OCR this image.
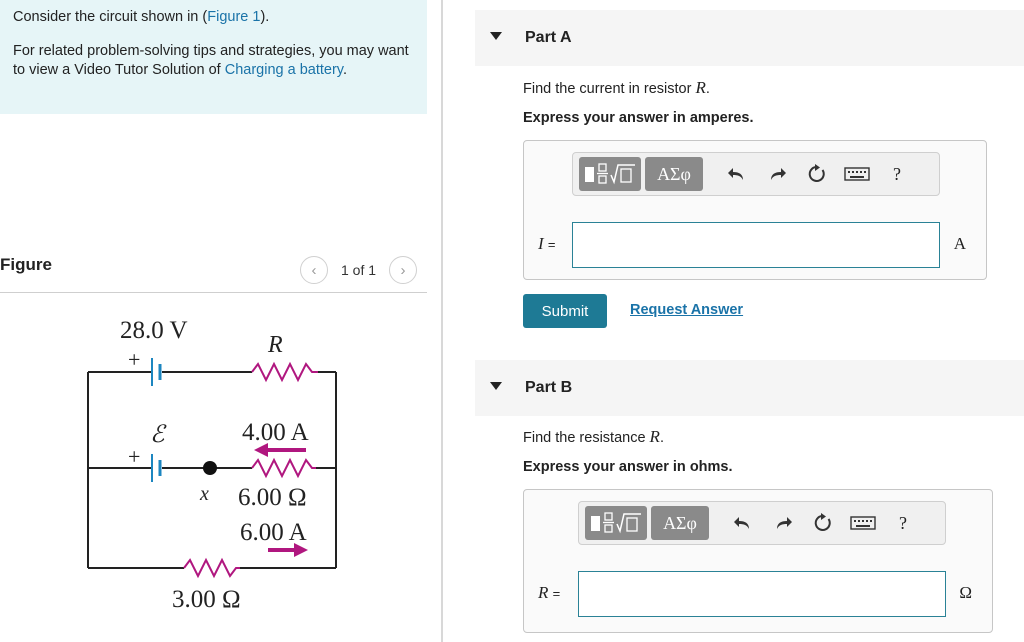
Consider the circuit shown in (Figure 1).

For related problem-solving tips and strategies, you may want to view a Video Tutor Solution of Charging a battery.

Figure	‹	1 of 1	›
28.0 V
+
R
ℰ
+
4.00 A
x 6.00 Ω
6.00 A
3.00 Ω
Part A
Find the current in resistor R.
Express your answer in amperes.
ΑΣφ	?
I =	A
Submit	Request Answer
Part B
Find the resistance R.
Express your answer in ohms.
ΑΣφ	?
R =	Ω
